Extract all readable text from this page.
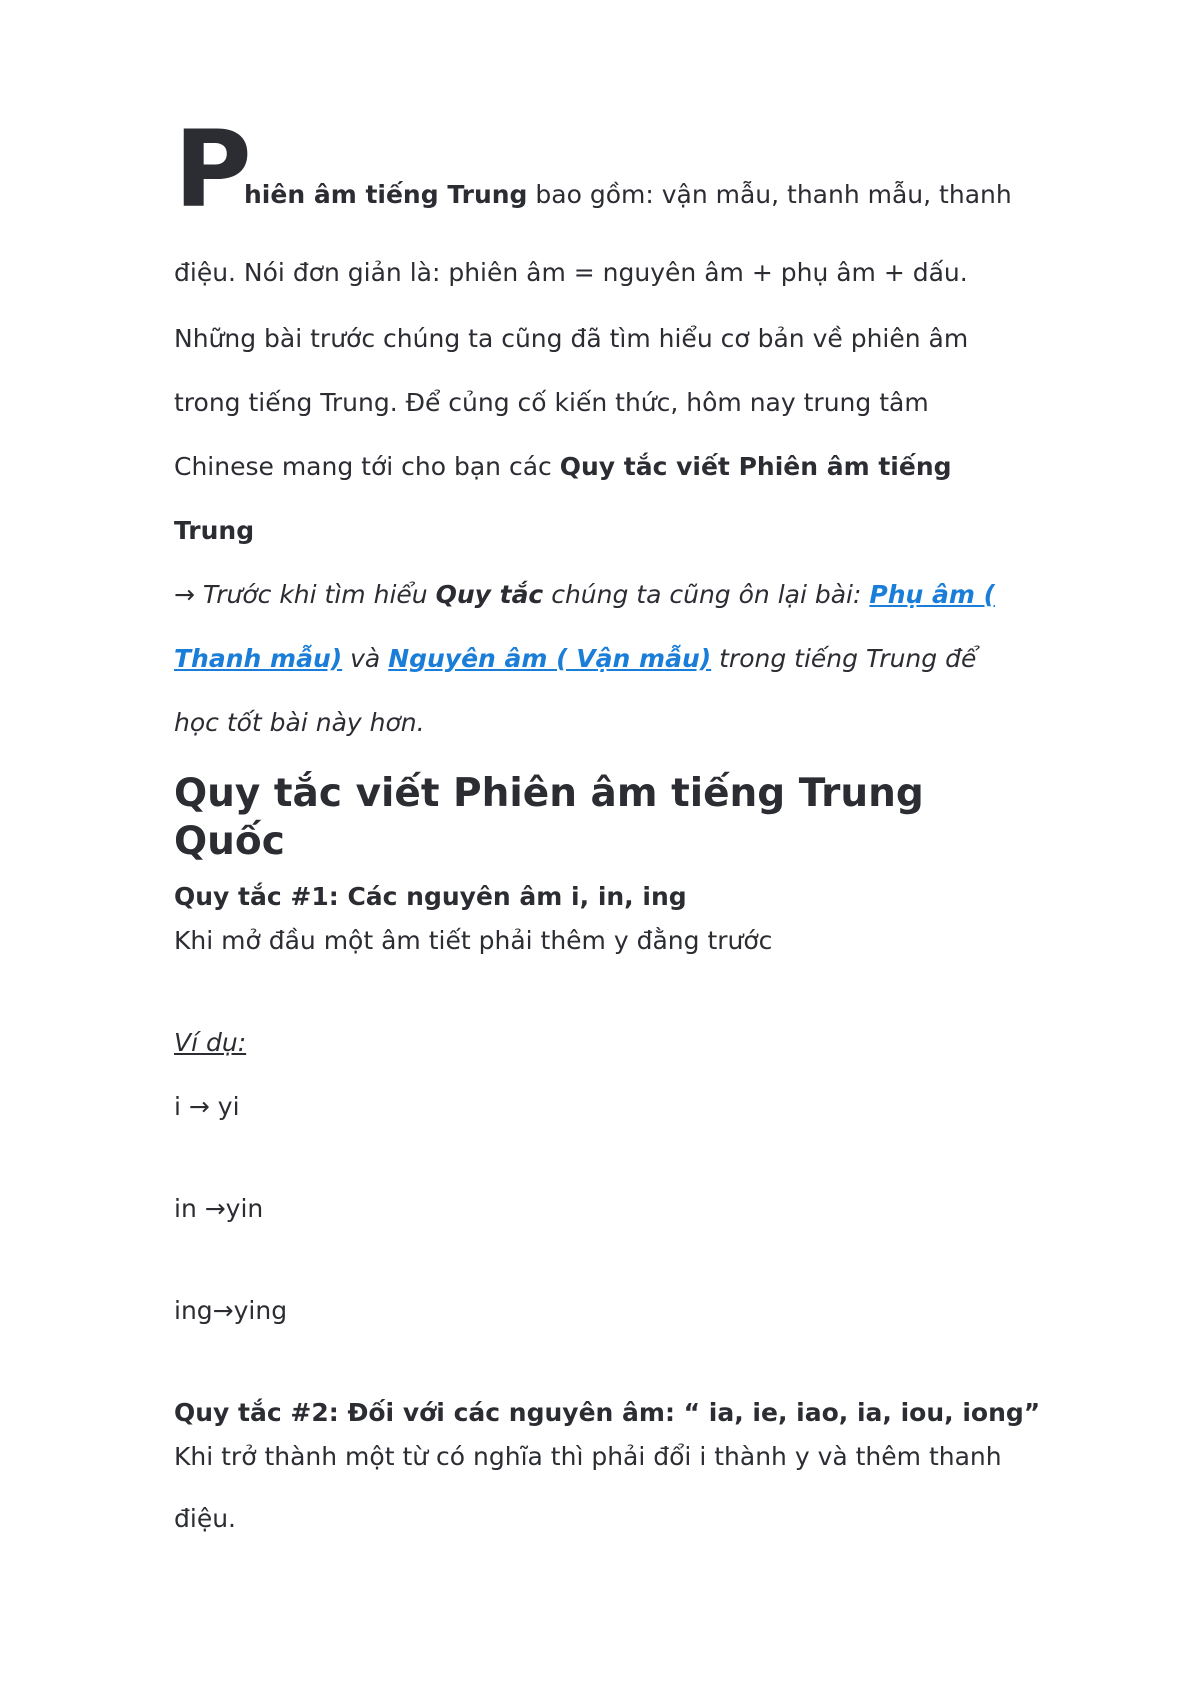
P
hiên âm tiếng Trung bao gồm: vận mẫu, thanh mẫu, thanh
điệu. Nói đơn giản là: phiên âm = nguyên âm + phụ âm + dấu.
Những bài trước chúng ta cũng đã tìm hiểu cơ bản về phiên âm
trong tiếng Trung. Để củng cố kiến thức, hôm nay trung tâm
Chinese mang tới cho bạn các Quy tắc viết Phiên âm tiếng
Trung
→ Trước khi tìm hiểu Quy tắc chúng ta cũng ôn lại bài: Phụ âm (
Thanh mẫu) và Nguyên âm ( Vận mẫu) trong tiếng Trung để
học tốt bài này hơn.
Quy tắc viết Phiên âm tiếng Trung
Quốc
Quy tắc #1: Các nguyên âm i, in, ing
Khi mở đầu một âm tiết phải thêm y đằng trước
Ví dụ:
i → yi
in →yin
ing→ying
Quy tắc #2: Đối với các nguyên âm: “ ia, ie, iao, ia, iou, iong”
Khi trở thành một từ có nghĩa thì phải đổi i thành y và thêm thanh
điệu.
